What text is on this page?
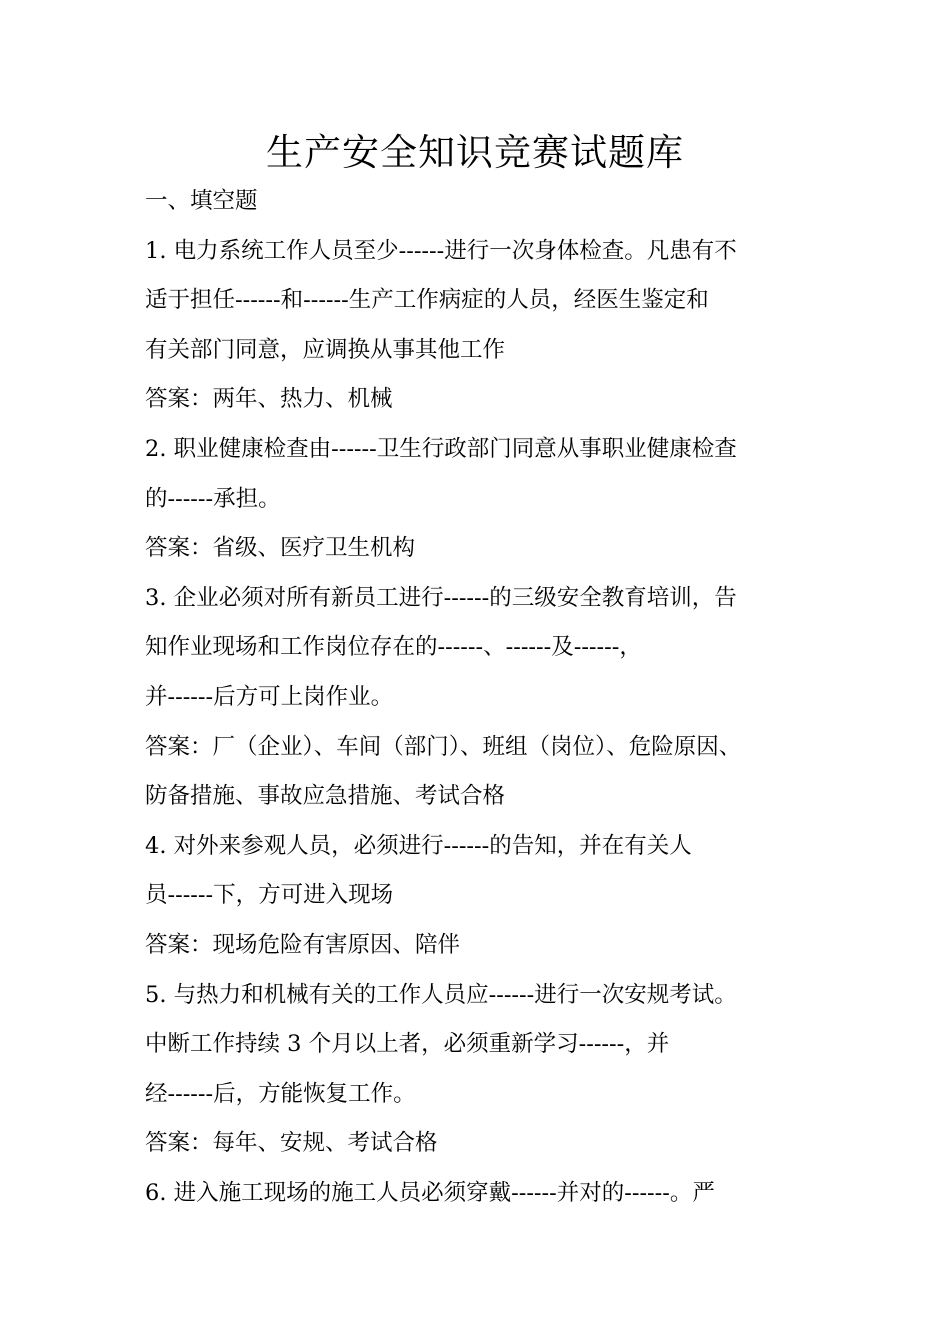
生产安全知识竞赛试题库
一、填空题
1. 电力系统工作人员至少------进行一次身体检查。凡患有不
适于担任------和------生产工作病症的人员，经医生鉴定和
有关部门同意，应调换从事其他工作
答案：两年、热力、机械
2. 职业健康检查由------卫生行政部门同意从事职业健康检查
的------承担。
答案：省级、医疗卫生机构
3. 企业必须对所有新员工进行------的三级安全教育培训，告
知作业现场和工作岗位存在的------、------及------，
并------后方可上岗作业。
答案：厂（企业）、车间（部门）、班组（岗位）、危险原因、
防备措施、事故应急措施、考试合格
4. 对外来参观人员，必须进行------的告知，并在有关人
员------下，方可进入现场
答案：现场危险有害原因、陪伴
5. 与热力和机械有关的工作人员应------进行一次安规考试。
中断工作持续 3 个月以上者，必须重新学习------，并
经------后，方能恢复工作。
答案：每年、安规、考试合格
6. 进入施工现场的施工人员必须穿戴------并对的------。严
